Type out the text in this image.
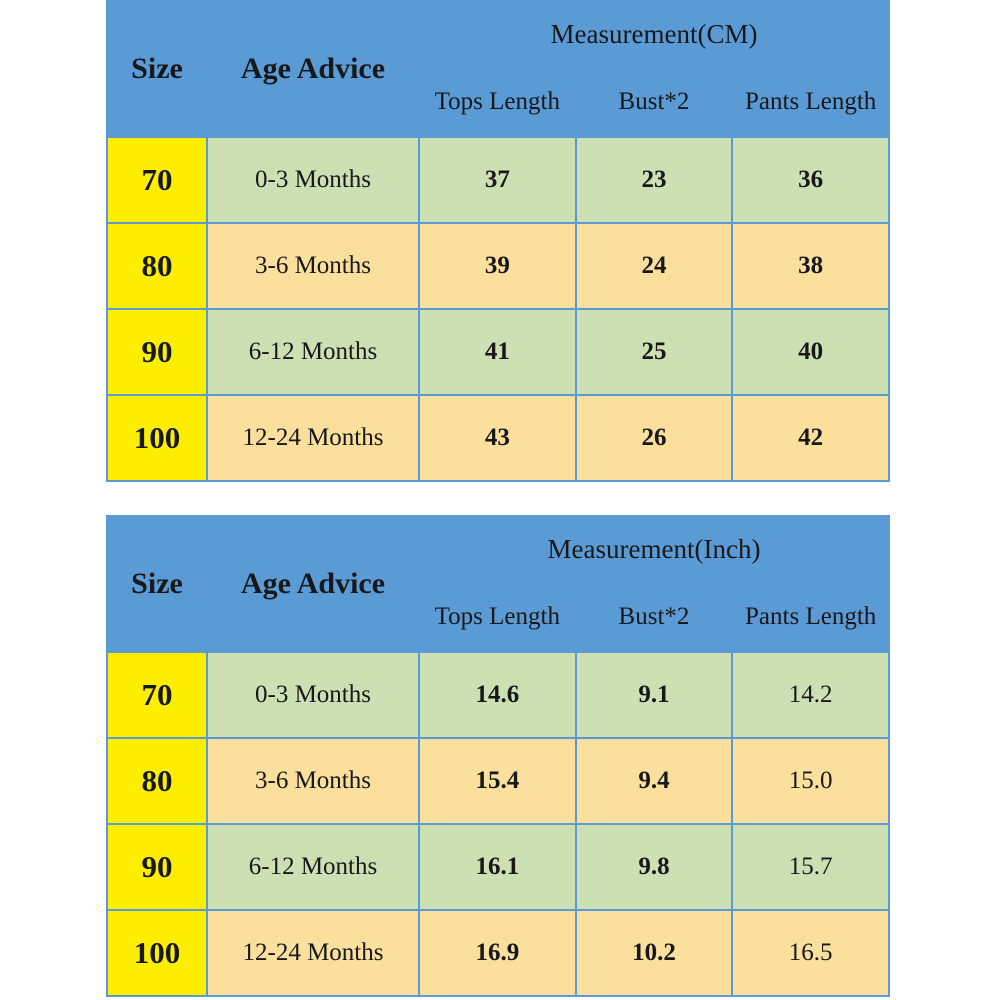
Size	Age Advice	Measurement(CM)		
		Tops Length	Bust*2	Pants Length
70	0-3 Months	37	23	36
80	3-6 Months	39	24	38
90	6-12 Months	41	25	40
100	12-24 Months	43	26	42
Size	Age Advice	Measurement(Inch)		
		Tops Length	Bust*2	Pants Length
70	0-3 Months	14.6	9.1	14.2
80	3-6 Months	15.4	9.4	15.0
90	6-12 Months	16.1	9.8	15.7
100	12-24 Months	16.9	10.2	16.5
